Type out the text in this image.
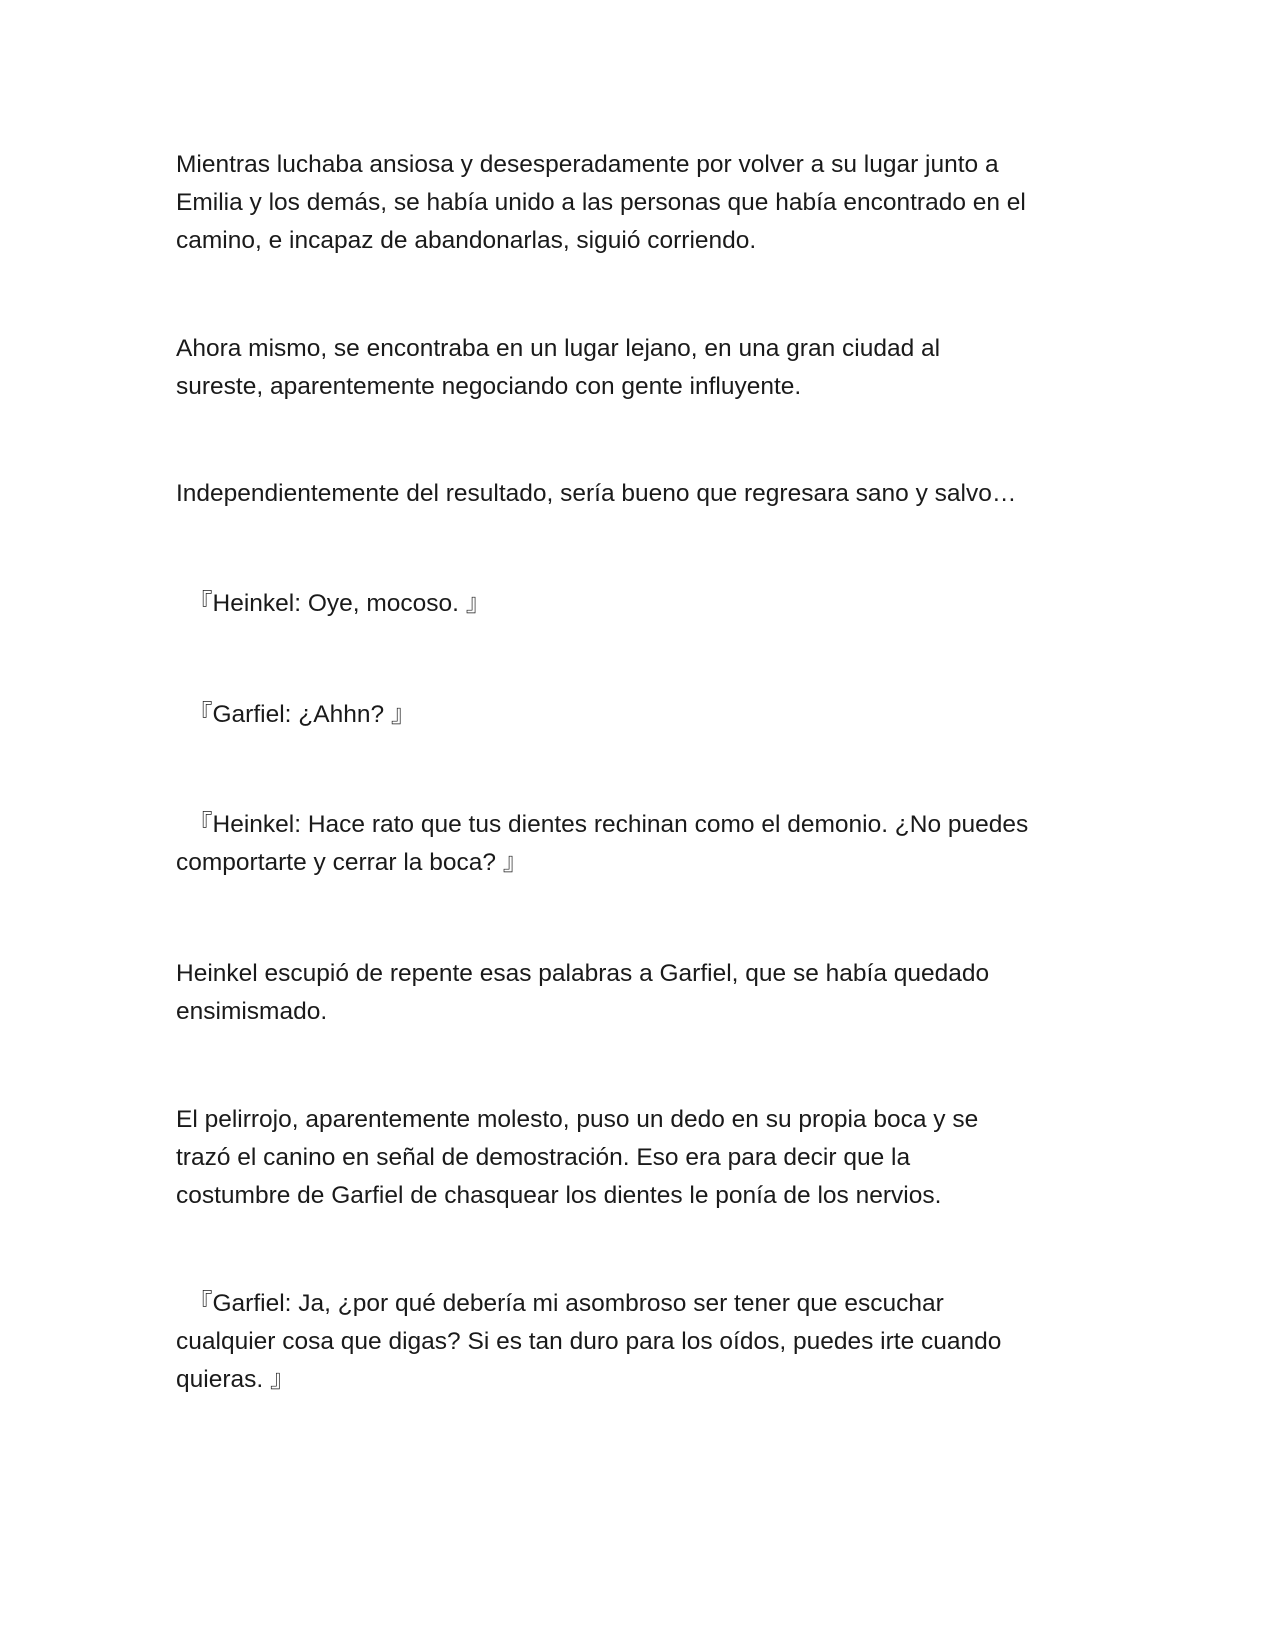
Mientras luchaba ansiosa y desesperadamente por volver a su lugar junto a
Emilia y los demás, se había unido a las personas que había encontrado en el
camino, e incapaz de abandonarlas, siguió corriendo.

Ahora mismo, se encontraba en un lugar lejano, en una gran ciudad al
sureste, aparentemente negociando con gente influyente.

Independientemente del resultado, sería bueno que regresara sano y salvo…

『Heinkel: Oye, mocoso. 』

『Garfiel: ¿Ahhn? 』

『Heinkel: Hace rato que tus dientes rechinan como el demonio. ¿No puedes
comportarte y cerrar la boca? 』

Heinkel escupió de repente esas palabras a Garfiel, que se había quedado
ensimismado.

El pelirrojo, aparentemente molesto, puso un dedo en su propia boca y se
trazó el canino en señal de demostración. Eso era para decir que la
costumbre de Garfiel de chasquear los dientes le ponía de los nervios.

『Garfiel: Ja, ¿por qué debería mi asombroso ser tener que escuchar
cualquier cosa que digas? Si es tan duro para los oídos, puedes irte cuando
quieras. 』
